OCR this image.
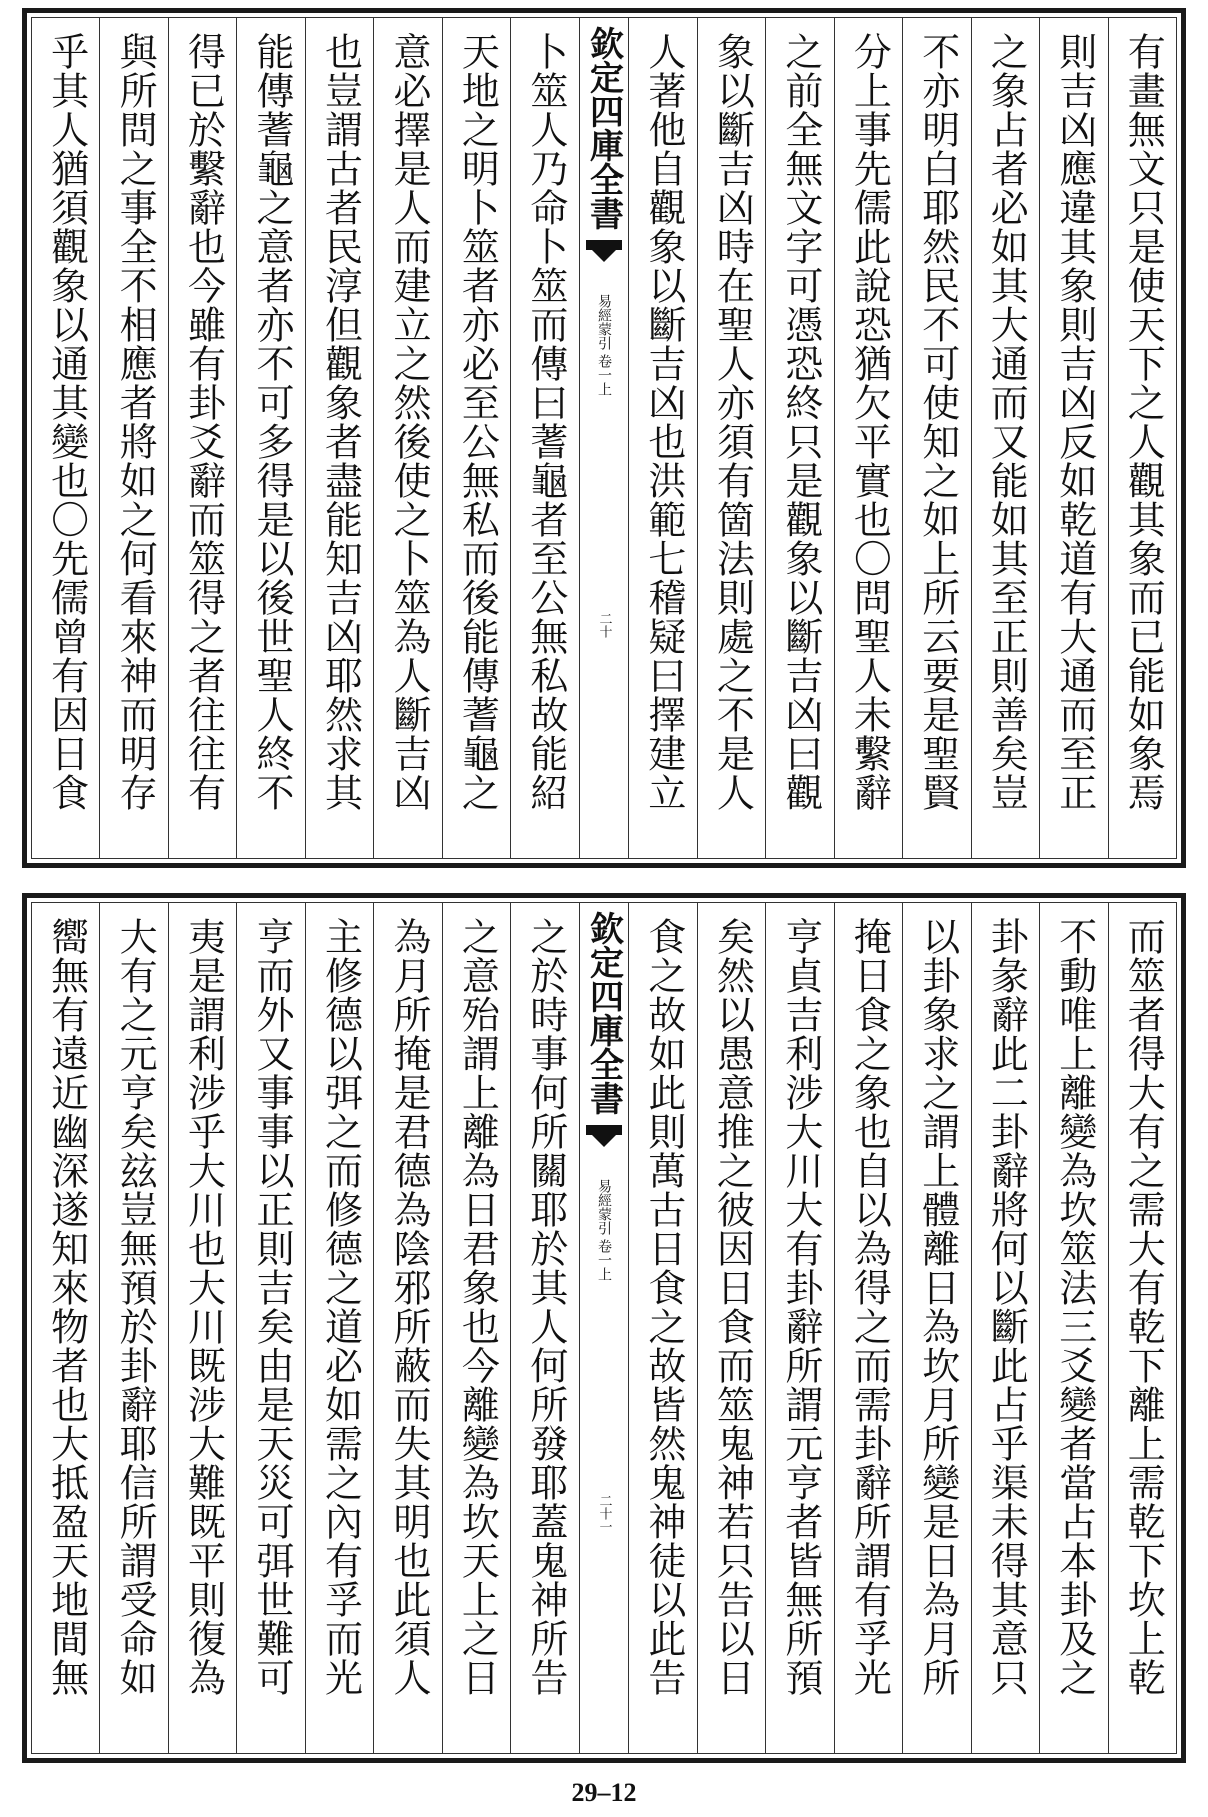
有畫無文只是使天下之人觀其象而已能如象焉
則吉凶應違其象則吉凶反如乾道有大通而至正
之象占者必如其大通而又能如其至正則善矣豈
不亦明白耶然民不可使知之如上所云要是聖賢
分上事先儒此說恐猶欠平實也〇問聖人未繫辭
之前全無文字可憑恐終只是觀象以斷吉凶曰觀
象以斷吉凶時在聖人亦須有箇法則處之不是人
人著他自觀象以斷吉凶也洪範七稽疑曰擇建立
欽定四庫全書
易經蒙引
卷一上
二十
卜筮人乃命卜筮而傳曰蓍龜者至公無私故能紹
天地之明卜筮者亦必至公無私而後能傳蓍龜之
意必擇是人而建立之然後使之卜筮為人斷吉凶
也豈謂古者民淳但觀象者盡能知吉凶耶然求其
能傳蓍龜之意者亦不可多得是以後世聖人終不
得已於繫辭也今雖有卦爻辭而筮得之者往往有
與所問之事全不相應者將如之何看來神而明存
乎其人猶須觀象以通其變也〇先儒曾有因日食
而筮者得大有之需大有乾下離上需乾下坎上乾
不動唯上離變為坎筮法三爻變者當占本卦及之
卦彖辭此二卦辭將何以斷此占乎渠未得其意只
以卦象求之謂上體離日為坎月所變是日為月所
掩日食之象也自以為得之而需卦辭所謂有孚光
亨貞吉利涉大川大有卦辭所謂元亨者皆無所預
矣然以愚意推之彼因日食而筮鬼神若只告以日
食之故如此則萬古日食之故皆然鬼神徒以此告
欽定四庫全書
易經蒙引
卷一上
二十一
之於時事何所關耶於其人何所發耶蓋鬼神所告
之意殆謂上離為日君象也今離變為坎天上之日
為月所掩是君德為陰邪所蔽而失其明也此須人
主修德以弭之而修德之道必如需之內有孚而光
亨而外又事事以正則吉矣由是天災可弭世難可
夷是謂利涉乎大川也大川既涉大難既平則復為
大有之元亨矣玆豈無預於卦辭耶信所謂受命如
嚮無有遠近幽深遂知來物者也大抵盈天地間無
29–12
